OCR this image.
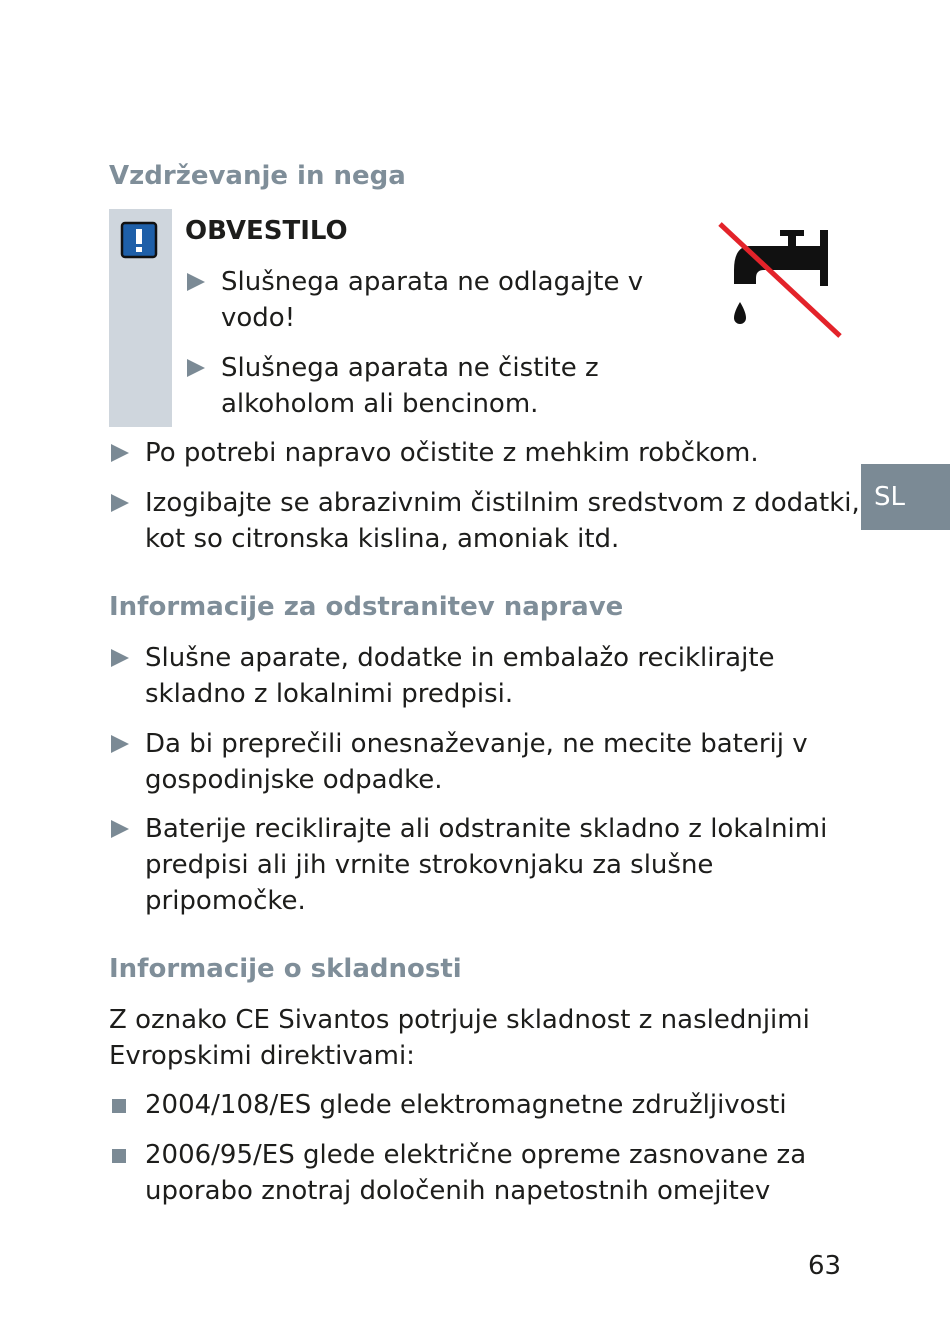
Vzdrževanje in nega
OBVESTILO
Slušnega aparata ne odlagajte v
vodo!
Slušnega aparata ne čistite z
alkoholom ali bencinom.
Po potrebi napravo očistite z mehkim robčkom.
Izogibajte se abrazivnim čistilnim sredstvom z dodatki,
kot so citronska kislina, amoniak itd.
SL
Informacije za odstranitev naprave
Slušne aparate, dodatke in embalažo reciklirajte
skladno z lokalnimi predpisi.
Da bi preprečili onesnaževanje, ne mecite baterij v
gospodinjske odpadke.
Baterije reciklirajte ali odstranite skladno z lokalnimi
predpisi ali jih vrnite strokovnjaku za slušne
pripomočke.
Informacije o skladnosti
Z oznako CE Sivantos potrjuje skladnost z naslednjimi
Evropskimi direktivami:
2004/108/ES glede elektromagnetne združljivosti
2006/95/ES glede električne opreme zasnovane za
uporabo znotraj določenih napetostnih omejitev
63
